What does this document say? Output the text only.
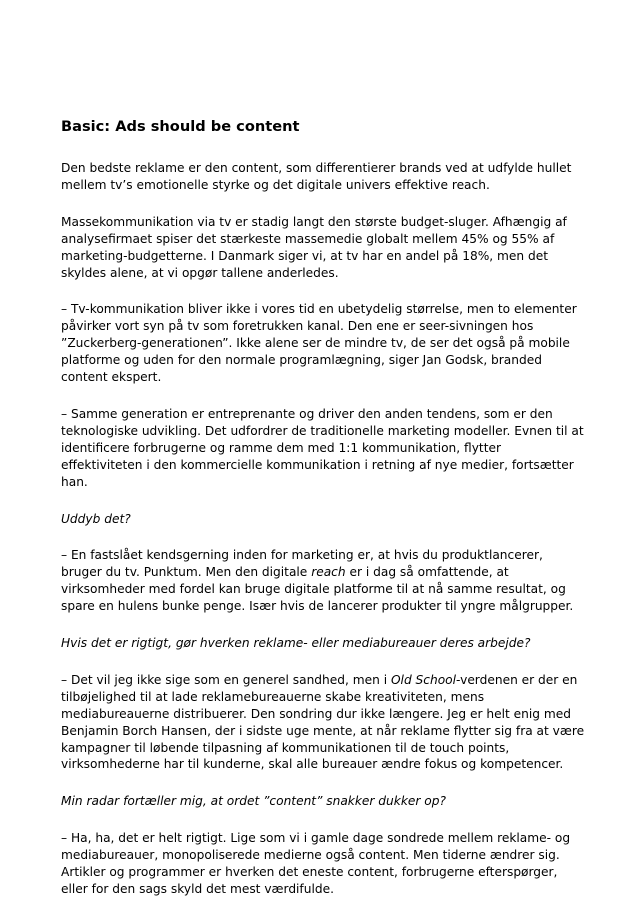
Basic: Ads should be content

Den bedste reklame er den content, som differentierer brands ved at udfylde hullet mellem tv’s emotionelle styrke og det digitale univers effektive reach.

Massekommunikation via tv er stadig langt den største budget-sluger. Afhængig af analysefirmaet spiser det stærkeste massemedie globalt mellem 45% og 55% af marketing-budgetterne. I Danmark siger vi, at tv har en andel på 18%, men det skyldes alene, at vi opgør tallene anderledes.

– Tv-kommunikation bliver ikke i vores tid en ubetydelig størrelse, men to elementer påvirker vort syn på tv som foretrukken kanal. Den ene er seer-sivningen hos ”Zuckerberg-generationen”. Ikke alene ser de mindre tv, de ser det også på mobile platforme og uden for den normale programlægning, siger Jan Godsk, branded content ekspert.

– Samme generation er entreprenante og driver den anden tendens, som er den teknologiske udvikling. Det udfordrer de traditionelle marketing modeller. Evnen til at identificere forbrugerne og ramme dem med 1:1 kommunikation, flytter effektiviteten i den kommercielle kommunikation i retning af nye medier, fortsætter han.

Uddyb det?

– En fastslået kendsgerning inden for marketing er, at hvis du produktlancerer, bruger du tv. Punktum. Men den digitale reach er i dag så omfattende, at virksomheder med fordel kan bruge digitale platforme til at nå samme resultat, og spare en hulens bunke penge. Især hvis de lancerer produkter til yngre målgrupper.

Hvis det er rigtigt, gør hverken reklame- eller mediabureauer deres arbejde?

– Det vil jeg ikke sige som en generel sandhed, men i Old School-verdenen er der en tilbøjelighed til at lade reklamebureauerne skabe kreativiteten, mens mediabureauerne distribuerer. Den sondring dur ikke længere. Jeg er helt enig med Benjamin Borch Hansen, der i sidste uge mente, at når reklame flytter sig fra at være kampagner til løbende tilpasning af kommunikationen til de touch points, virksomhederne har til kunderne, skal alle bureauer ændre fokus og kompetencer.

Min radar fortæller mig, at ordet ”content” snakker dukker op?

– Ha, ha, det er helt rigtigt. Lige som vi i gamle dage sondrede mellem reklame- og mediabureauer, monopoliserede medierne også content. Men tiderne ændrer sig. Artikler og programmer er hverken det eneste content, forbrugerne efterspørger, eller for den sags skyld det mest værdifulde.
